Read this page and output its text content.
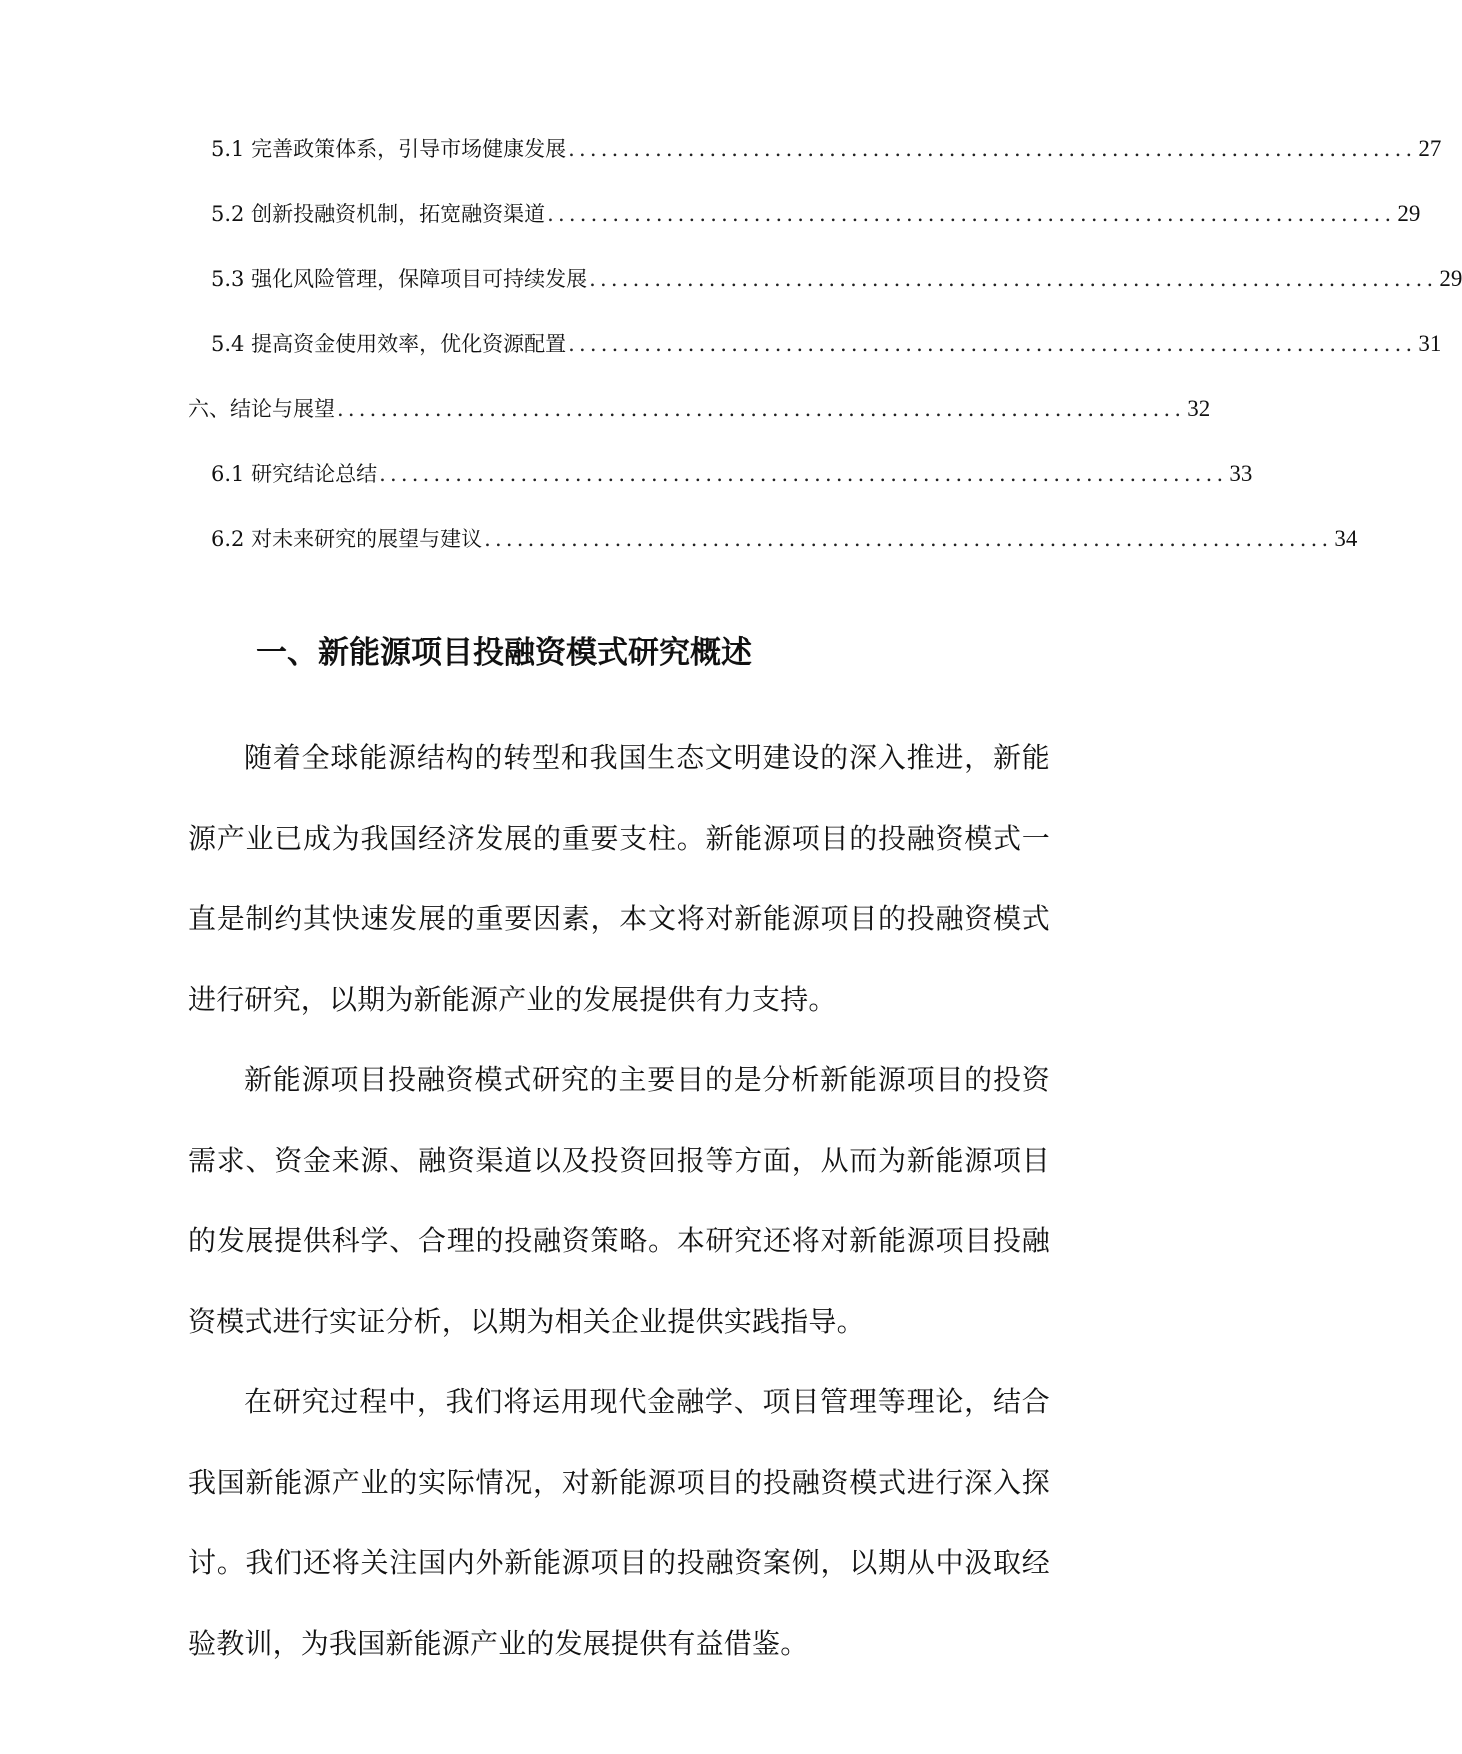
5.1 完善政策体系，引导市场健康发展 .............................................................................. 27
5.2 创新投融资机制，拓宽融资渠道 .............................................................................. 29
5.3 强化风险管理，保障项目可持续发展 .............................................................................. 29
5.4 提高资金使用效率，优化资源配置 .............................................................................. 31
六、结论与展望 .............................................................................. 32
6.1 研究结论总结 .............................................................................. 33
6.2 对未来研究的展望与建议 .............................................................................. 34
一、新能源项目投融资模式研究概述

随着全球能源结构的转型和我国生态文明建设的深入推进，新能源产业已成为我国经济发展的重要支柱。新能源项目的投融资模式一直是制约其快速发展的重要因素，本文将对新能源项目的投融资模式进行研究，以期为新能源产业的发展提供有力支持。

新能源项目投融资模式研究的主要目的是分析新能源项目的投资需求、资金来源、融资渠道以及投资回报等方面，从而为新能源项目的发展提供科学、合理的投融资策略。本研究还将对新能源项目投融资模式进行实证分析，以期为相关企业提供实践指导。

在研究过程中，我们将运用现代金融学、项目管理等理论，结合我国新能源产业的实际情况，对新能源项目的投融资模式进行深入探讨。我们还将关注国内外新能源项目的投融资案例，以期从中汲取经验教训，为我国新能源产业的发展提供有益借鉴。
